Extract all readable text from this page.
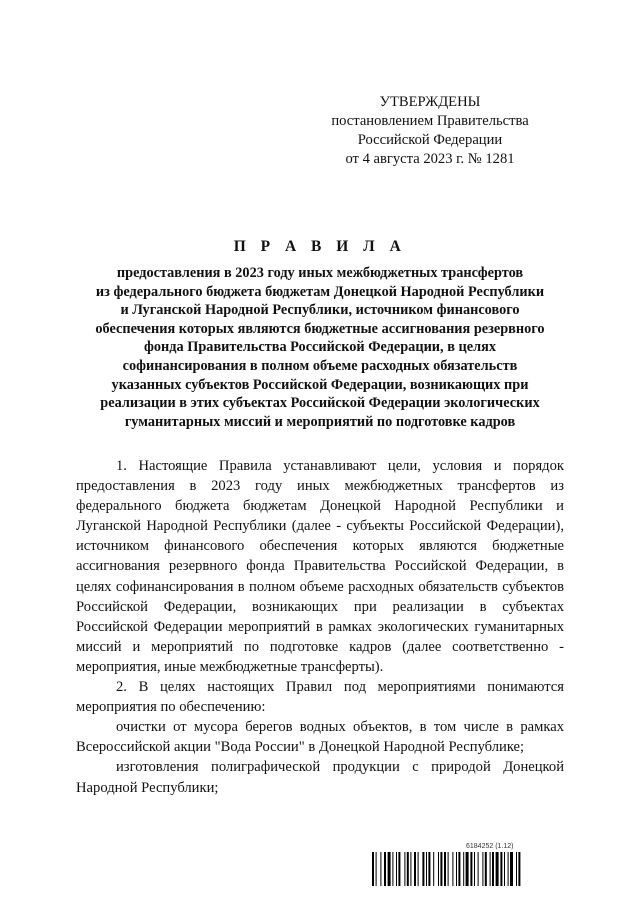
УТВЕРЖДЕНЫ
постановлением Правительства
Российской Федерации
от 4 августа 2023 г. № 1281
П Р А В И Л А
предоставления в 2023 году иных межбюджетных трансфертов
из федерального бюджета бюджетам Донецкой Народной Республики
и Луганской Народной Республики, источником финансового
обеспечения которых являются бюджетные ассигнования резервного
фонда Правительства Российской Федерации, в целях
софинансирования в полном объеме расходных обязательств
указанных субъектов Российской Федерации, возникающих при
реализации в этих субъектах Российской Федерации экологических
гуманитарных миссий и мероприятий по подготовке кадров

1. Настоящие Правила устанавливают цели, условия и порядок предоставления в 2023 году иных межбюджетных трансфертов из федерального бюджета бюджетам Донецкой Народной Республики и Луганской Народной Республики (далее - субъекты Российской Федерации), источником финансового обеспечения которых являются бюджетные ассигнования резервного фонда Правительства Российской Федерации, в целях софинансирования в полном объеме расходных обязательств субъектов Российской Федерации, возникающих при реализации в субъектах Российской Федерации мероприятий в рамках экологических гуманитарных миссий и мероприятий по подготовке кадров (далее соответственно - мероприятия, иные межбюджетные трансферты).

2. В целях настоящих Правил под мероприятиями понимаются мероприятия по обеспечению:

очистки от мусора берегов водных объектов, в том числе в рамках Всероссийской акции "Вода России" в Донецкой Народной Республике;

изготовления полиграфической продукции с природой Донецкой Народной Республики;

6184252 (1.12)
